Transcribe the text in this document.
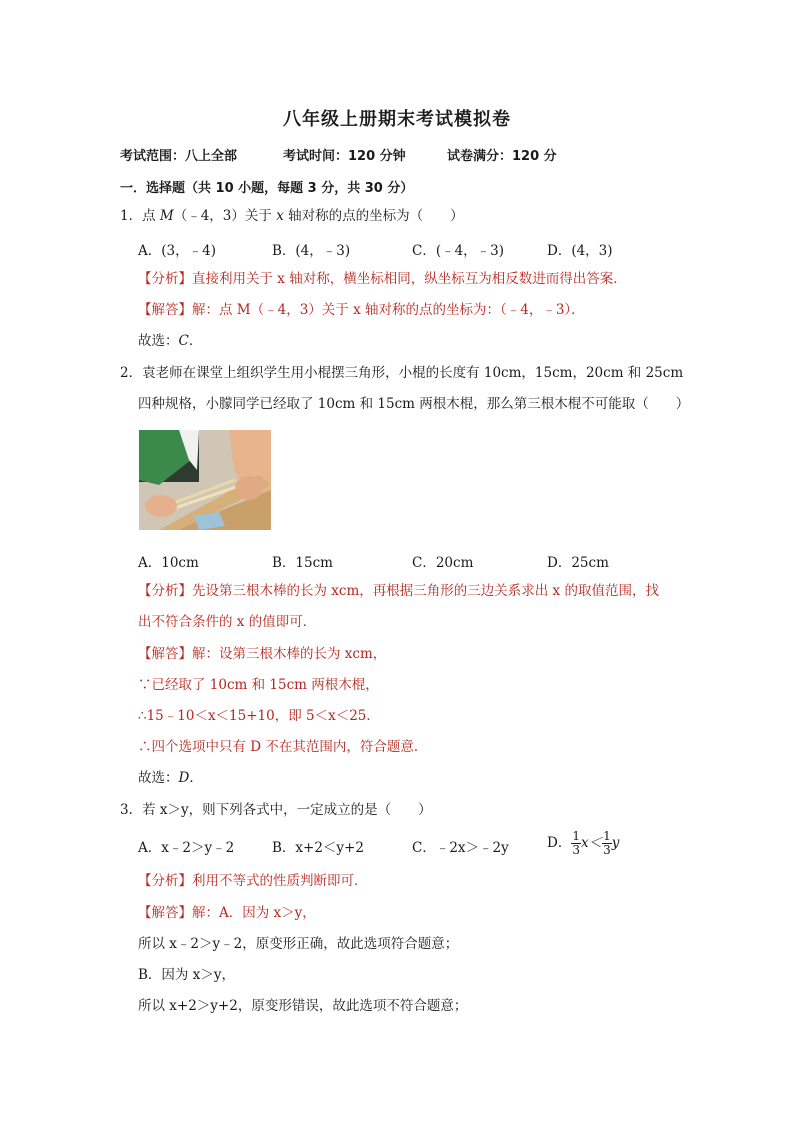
八年级上册期末考试模拟卷
考试范围：八上全部	考试时间：120 分钟	试卷满分：120 分
一．选择题（共 10 小题，每题 3 分，共 30 分）
1．点 M（﹣4，3）关于 x 轴对称的点的坐标为（　　）
A．(3，﹣4)	B．(4，﹣3)	C．(﹣4，﹣3)	D．(4，3)
【分析】直接利用关于 x 轴对称，横坐标相同，纵坐标互为相反数进而得出答案．
【解答】解：点 M（﹣4，3）关于 x 轴对称的点的坐标为：（﹣4，﹣3）．
故选：C．
2．袁老师在课堂上组织学生用小棍摆三角形，小棍的长度有 10cm，15cm，20cm 和 25cm
四种规格，小朦同学已经取了 10cm 和 15cm 两根木棍，那么第三根木棍不可能取（　　）
A．10cm	B．15cm	C．20cm	D．25cm
【分析】先设第三根木棒的长为 xcm，再根据三角形的三边关系求出 x 的取值范围，找
出不符合条件的 x 的值即可．
【解答】解：设第三根木棒的长为 xcm，
∵已经取了 10cm 和 15cm 两根木棍，
∴15﹣10＜x＜15+10，即 5＜x＜25．
∴四个选项中只有 D 不在其范围内，符合题意．
故选：D．
3．若 x＞y，则下列各式中，一定成立的是（　　）
A．x﹣2＞y﹣2	B．x+2＜y+2	C．﹣2x＞﹣2y	D． $\frac{1}{3} x< \frac{1}{3}$ y
【分析】利用不等式的性质判断即可．
【解答】解：A．因为 x＞y，
所以 x﹣2＞y﹣2，原变形正确，故此选项符合题意；
B．因为 x＞y，
所以 x+2＞y+2，原变形错误，故此选项不符合题意；
